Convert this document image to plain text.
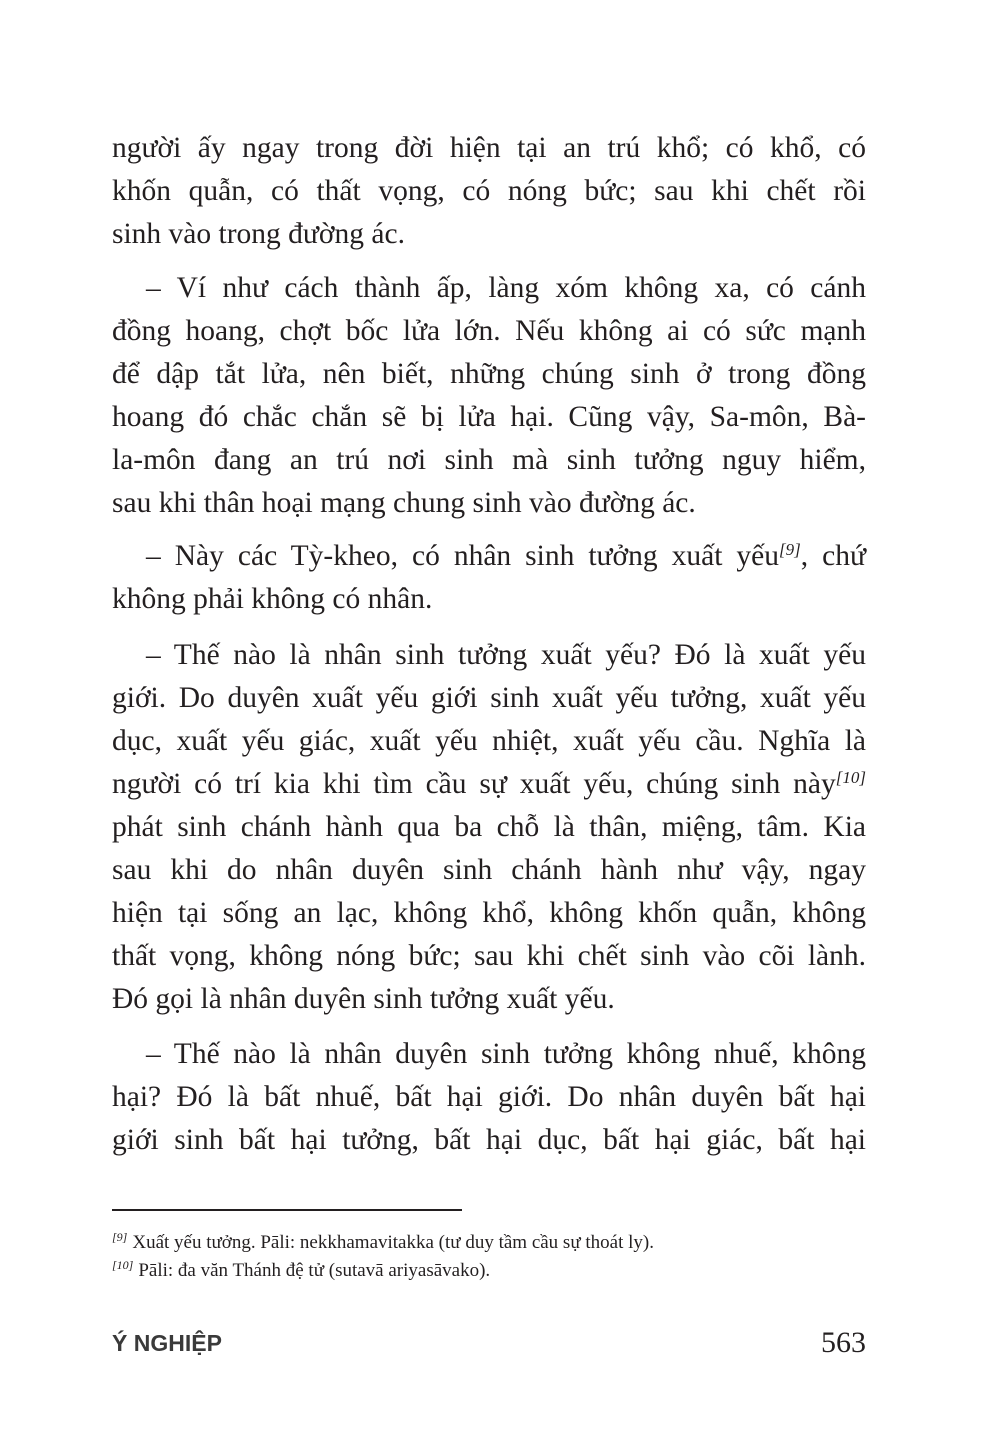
người ấy ngay trong đời hiện tại an trú khổ; có khổ, có
khốn quẫn, có thất vọng, có nóng bức; sau khi chết rồi
sinh vào trong đường ác.
– Ví như cách thành ấp, làng xóm không xa, có cánh
đồng hoang, chợt bốc lửa lớn. Nếu không ai có sức mạnh
để dập tắt lửa, nên biết, những chúng sinh ở trong đồng
hoang đó chắc chắn sẽ bị lửa hại. Cũng vậy, Sa-môn, Bà-
la-môn đang an trú nơi sinh mà sinh tưởng nguy hiểm,
sau khi thân hoại mạng chung sinh vào đường ác.
– Này các Tỳ-kheo, có nhân sinh tưởng xuất yếu[9], chứ
không phải không có nhân.
– Thế nào là nhân sinh tưởng xuất yếu? Đó là xuất yếu
giới. Do duyên xuất yếu giới sinh xuất yếu tưởng, xuất yếu
dục, xuất yếu giác, xuất yếu nhiệt, xuất yếu cầu. Nghĩa là
người có trí kia khi tìm cầu sự xuất yếu, chúng sinh này[10]
phát sinh chánh hành qua ba chỗ là thân, miệng, tâm. Kia
sau khi do nhân duyên sinh chánh hành như vậy, ngay
hiện tại sống an lạc, không khổ, không khốn quẫn, không
thất vọng, không nóng bức; sau khi chết sinh vào cõi lành.
Đó gọi là nhân duyên sinh tưởng xuất yếu.
– Thế nào là nhân duyên sinh tưởng không nhuế, không
hại? Đó là bất nhuế, bất hại giới. Do nhân duyên bất hại
giới sinh bất hại tưởng, bất hại dục, bất hại giác, bất hại
[9] Xuất yếu tưởng. Pāli: nekkhamavitakka (tư duy tầm cầu sự thoát ly).
[10] Pāli: đa văn Thánh đệ tử (sutavā ariyasāvako).
Ý NGHIỆP	563
